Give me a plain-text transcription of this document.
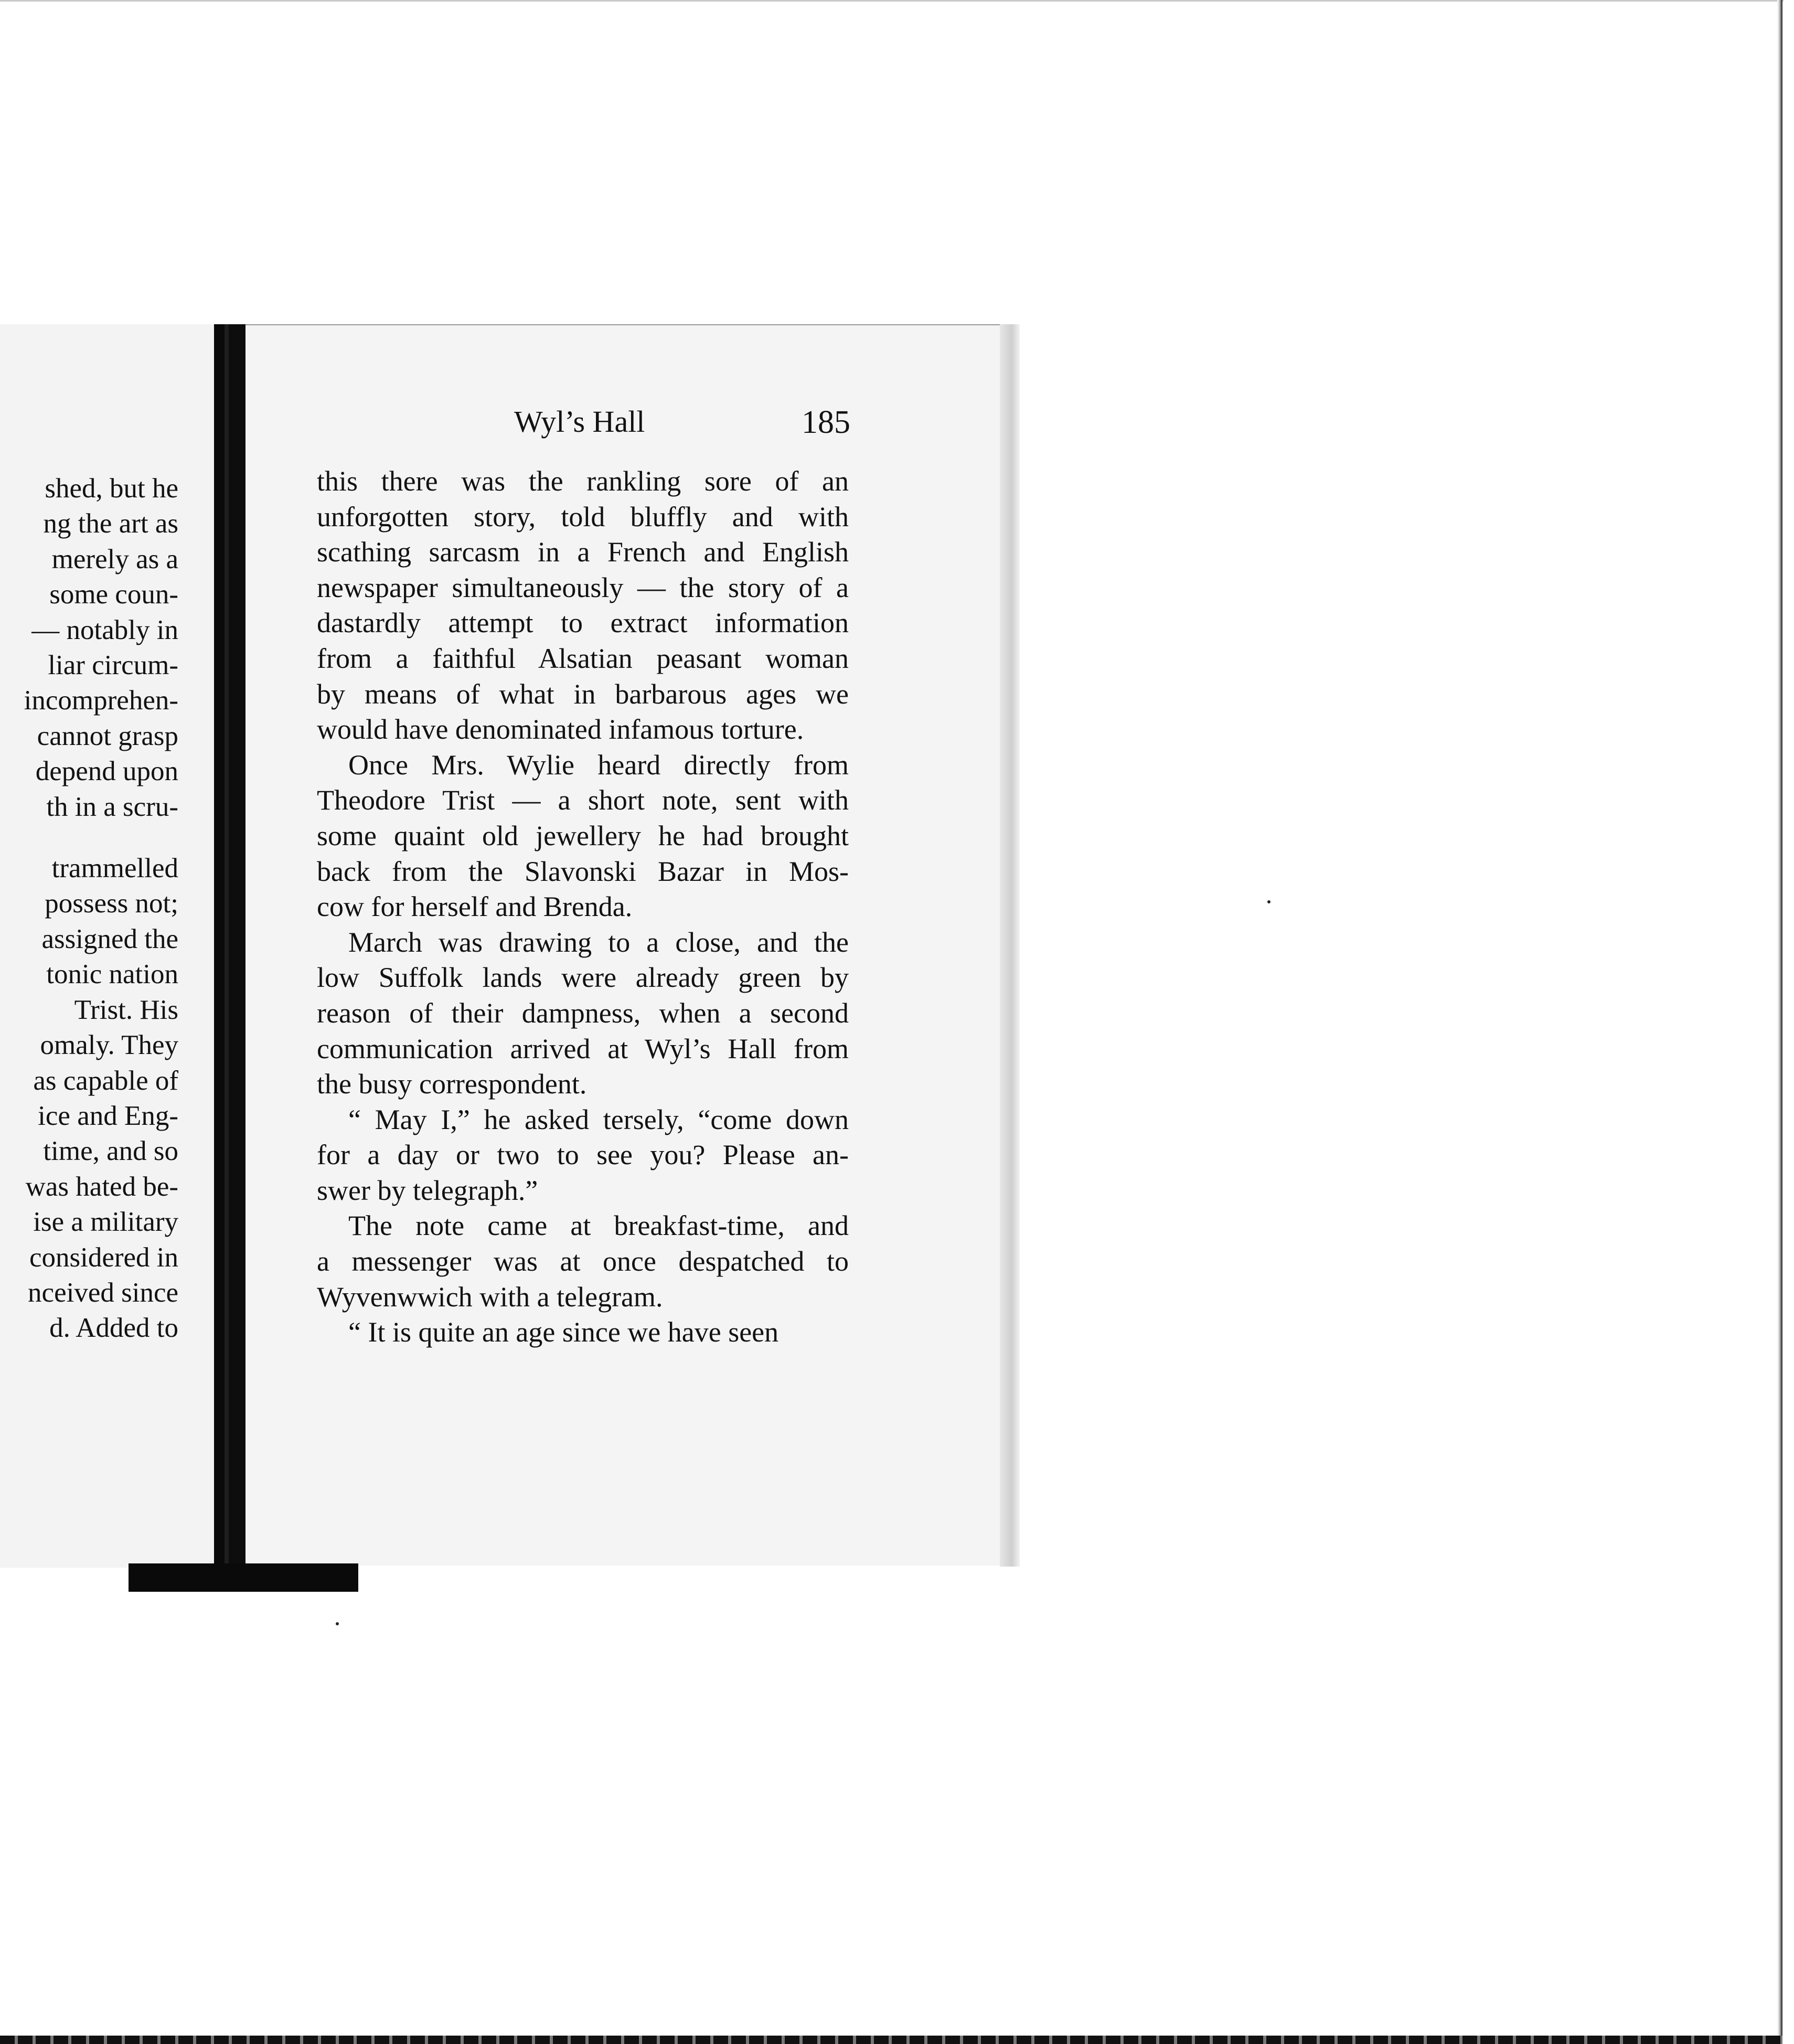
shed, but he
ng the art as
merely as a
some coun-
— notably in
liar circum-
incomprehen-
cannot grasp
depend upon
th in a scru-
trammelled
possess not;
assigned the
tonic nation
Trist. His
omaly. They
as capable of
ice and Eng-
time, and so
was hated be-
ise a military
considered in
nceived since
d. Added to
Wyl’s Hall	185
this there was the rankling sore of an
unforgotten story, told bluffly and with
scathing sarcasm in a French and English
newspaper simultaneously — the story of a
dastardly attempt to extract information
from a faithful Alsatian peasant woman
by means of what in barbarous ages we
would have denominated infamous torture.
Once Mrs. Wylie heard directly from
Theodore Trist — a short note, sent with
some quaint old jewellery he had brought
back from the Slavonski Bazar in Mos-
cow for herself and Brenda.
March was drawing to a close, and the
low Suffolk lands were already green by
reason of their dampness, when a second
communication arrived at Wyl’s Hall from
the busy correspondent.
“ May I,” he asked tersely, “come down
for a day or two to see you? Please an-
swer by telegraph.”
The note came at breakfast-time, and
a messenger was at once despatched to
Wyvenwwich with a telegram.
“ It is quite an age since we have seen
